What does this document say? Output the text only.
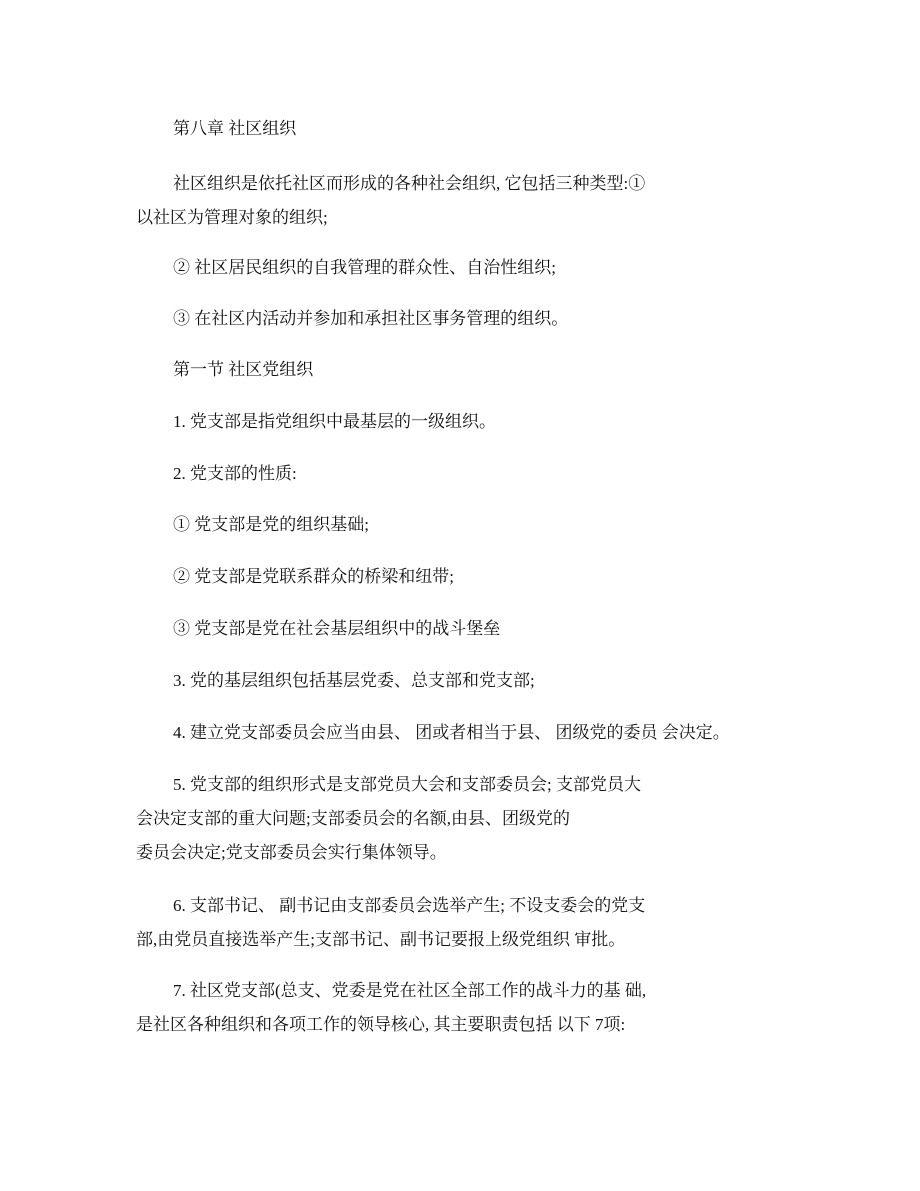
第八章 社区组织
社区组织是依托社区而形成的各种社会组织, 它包括三种类型:①
以社区为管理对象的组织;
② 社区居民组织的自我管理的群众性、自治性组织;
③ 在社区内活动并参加和承担社区事务管理的组织。
第一节 社区党组织
1. 党支部是指党组织中最基层的一级组织。
2. 党支部的性质:
① 党支部是党的组织基础;
② 党支部是党联系群众的桥梁和纽带;
③ 党支部是党在社会基层组织中的战斗堡垒
3. 党的基层组织包括基层党委、总支部和党支部;
4. 建立党支部委员会应当由县、 团或者相当于县、 团级党的委员 会决定。
5. 党支部的组织形式是支部党员大会和支部委员会; 支部党员大
会决定支部的重大问题;支部委员会的名额,由县、团级党的
委员会决定;党支部委员会实行集体领导。
6. 支部书记、 副书记由支部委员会选举产生; 不设支委会的党支
部,由党员直接选举产生;支部书记、副书记要报上级党组织 审批。
7. 社区党支部(总支、党委是党在社区全部工作的战斗力的基 础,
是社区各种组织和各项工作的领导核心, 其主要职责包括 以下 7项:
